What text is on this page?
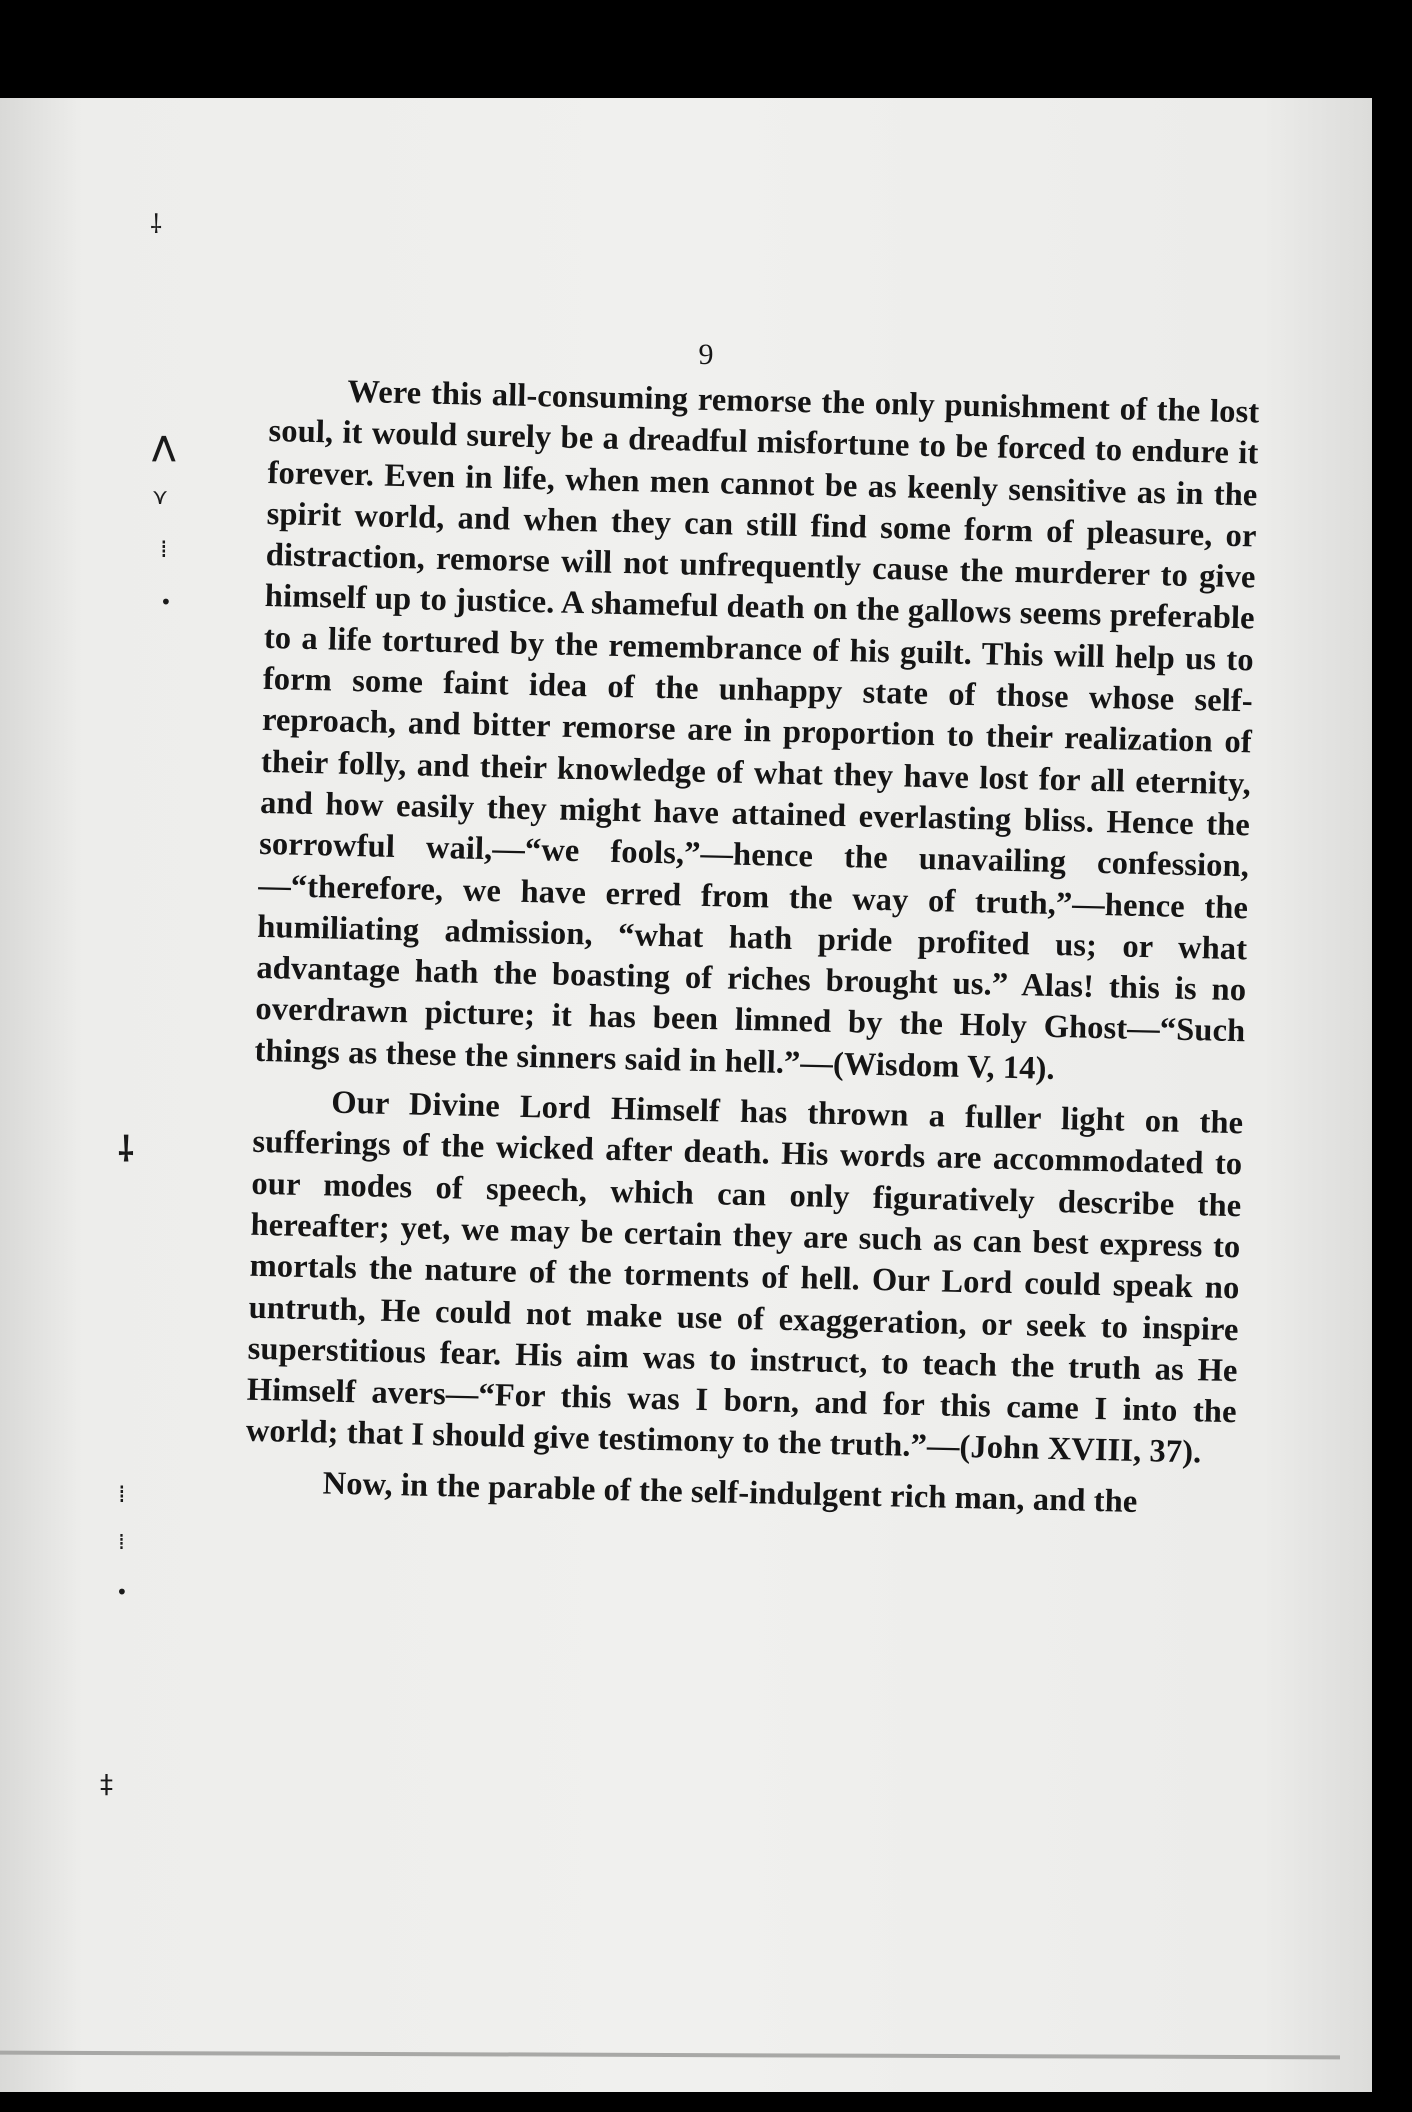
⸸
⋀
⋎
⁞
•
⸸
⁞
⁞
•
‡
9

Were this all-consuming remorse the only punishment of the lost soul, it would surely be a dreadful misfortune to be forced to endure it forever. Even in life, when men cannot be as keenly sensitive as in the spirit world, and when they can still find some form of pleasure, or distraction, remorse will not unfrequently cause the murderer to give himself up to justice. A shameful death on the gallows seems preferable to a life tortured by the remembrance of his guilt. This will help us to form some faint idea of the unhappy state of those whose self-reproach, and bitter remorse are in proportion to their realization of their folly, and their knowledge of what they have lost for all eternity, and how easily they might have attained everlasting bliss. Hence the sorrowful wail,—“we fools,”—hence the unavailing confession,—“therefore, we have erred from the way of truth,”—hence the humiliating admission, “what hath pride profited us; or what advantage hath the boasting of riches brought us.” Alas! this is no overdrawn picture; it has been limned by the Holy Ghost—“Such things as these the sinners said in hell.”—(Wisdom V, 14).

Our Divine Lord Himself has thrown a fuller light on the sufferings of the wicked after death. His words are accommodated to our modes of speech, which can only figuratively describe the hereafter; yet, we may be certain they are such as can best express to mortals the nature of the torments of hell. Our Lord could speak no untruth, He could not make use of exaggeration, or seek to inspire superstitious fear. His aim was to instruct, to teach the truth as He Himself avers—“For this was I born, and for this came I into the world; that I should give testimony to the truth.”—(John XVIII, 37).

Now, in the parable of the self-indulgent rich man, and the
